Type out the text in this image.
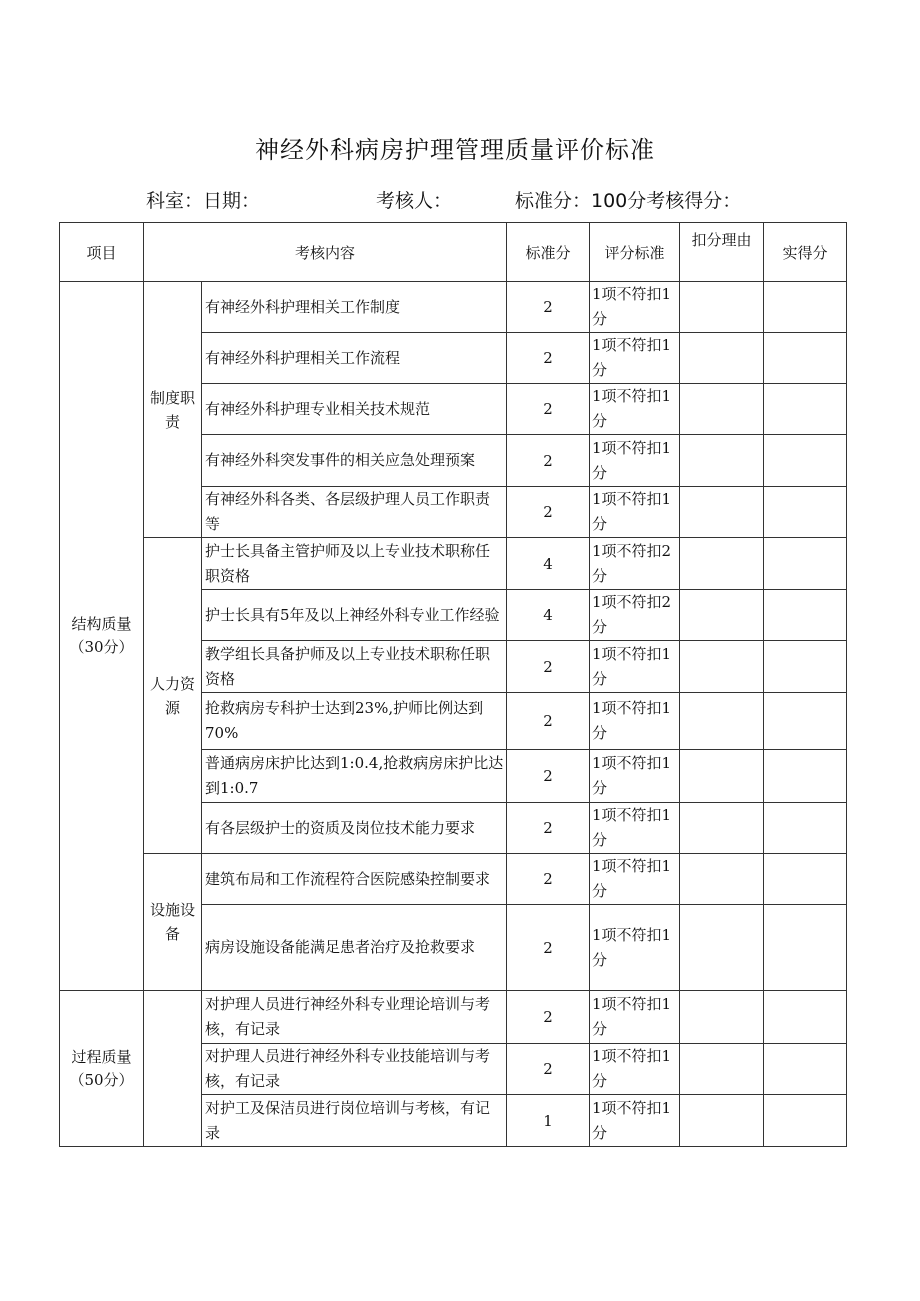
神经外科病房护理管理质量评价标准
科室：日期：	考核人：	标准分：100分考核得分：
项目	考核内容		标准分	评分标准	扣分理由	实得分
结构质量（30分）	制度职责	有神经外科护理相关工作制度	2	1项不符扣1分		
		有神经外科护理相关工作流程	2	1项不符扣1分		
		有神经外科护理专业相关技术规范	2	1项不符扣1分		
		有神经外科突发事件的相关应急处理预案	2	1项不符扣1分		
		有神经外科各类、各层级护理人员工作职责等	2	1项不符扣1分		
	人力资源	护士长具备主管护师及以上专业技术职称任职资格	4	1项不符扣2分		
		护士长具有5年及以上神经外科专业工作经验	4	1项不符扣2分		
		教学组长具备护师及以上专业技术职称任职资格	2	1项不符扣1分		
		抢救病房专科护士达到23%,护师比例达到70%	2	1项不符扣1分		
		普通病房床护比达到1:0.4,抢救病房床护比达到1:0.7	2	1项不符扣1分		
		有各层级护士的资质及岗位技术能力要求	2	1项不符扣1分		
	设施设备	建筑布局和工作流程符合医院感染控制要求	2	1项不符扣1分		
		病房设施设备能满足患者治疗及抢救要求	2	1项不符扣1分		
过程质量（50分）		对护理人员进行神经外科专业理论培训与考核，有记录	2	1项不符扣1分		
		对护理人员进行神经外科专业技能培训与考核，有记录	2	1项不符扣1分		
		对护工及保洁员进行岗位培训与考核，有记录	1	1项不符扣1分		
